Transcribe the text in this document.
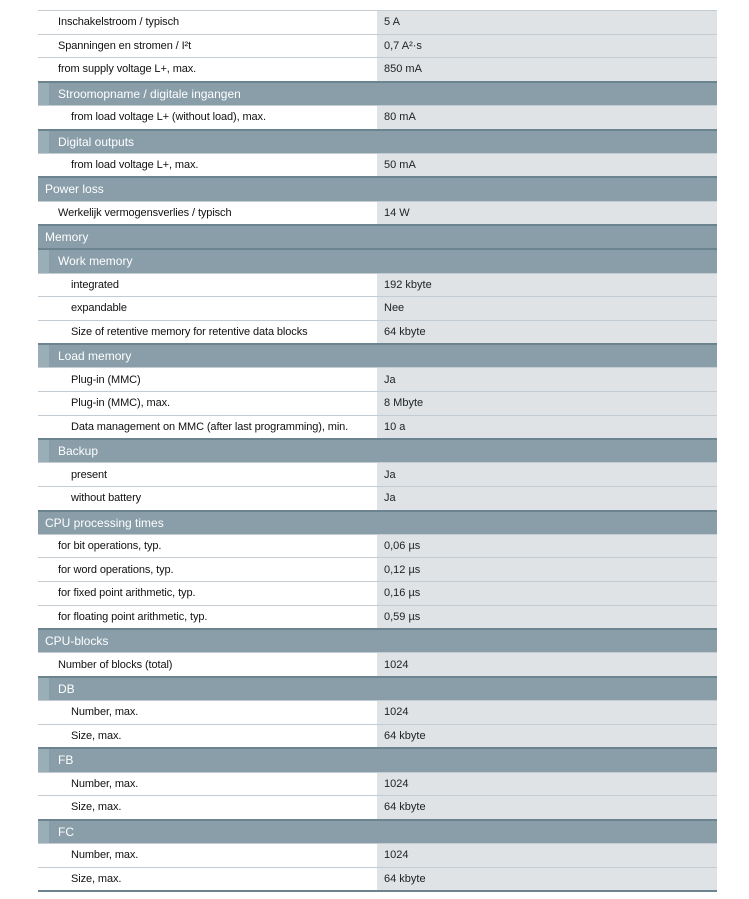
Inschakelstroom / typisch	5 A
Spanningen en stromen / I²t	0,7 A²·s
from supply voltage L+, max.	850 mA
Stroomopname / digitale ingangen
from load voltage L+ (without load), max.	80 mA
Digital outputs
from load voltage L+, max.	50 mA
Power loss
Werkelijk vermogensverlies / typisch	14 W
Memory
Work memory
integrated	192 kbyte
expandable	Nee
Size of retentive memory for retentive data blocks	64 kbyte
Load memory
Plug-in (MMC)	Ja
Plug-in (MMC), max.	8 Mbyte
Data management on MMC (after last programming), min.	10 a
Backup
present	Ja
without battery	Ja
CPU processing times
for bit operations, typ.	0,06 µs
for word operations, typ.	0,12 µs
for fixed point arithmetic, typ.	0,16 µs
for floating point arithmetic, typ.	0,59 µs
CPU-blocks
Number of blocks (total)	1024
DB
Number, max.	1024
Size, max.	64 kbyte
FB
Number, max.	1024
Size, max.	64 kbyte
FC
Number, max.	1024
Size, max.	64 kbyte
